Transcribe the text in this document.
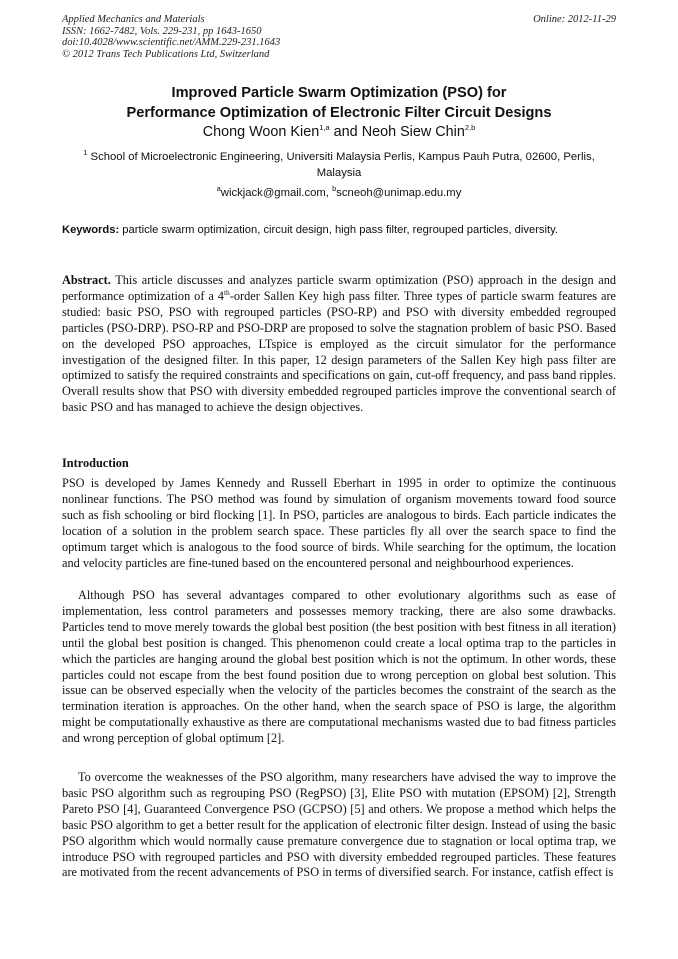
Applied Mechanics and Materials
ISSN: 1662-7482, Vols. 229-231, pp 1643-1650
doi:10.4028/www.scientific.net/AMM.229-231.1643
© 2012 Trans Tech Publications Ltd, Switzerland
Online: 2012-11-29
Improved Particle Swarm Optimization (PSO) for
Performance Optimization of Electronic Filter Circuit Designs
Chong Woon Kien$^{1,a}$ and Neoh Siew Chin$^{2,b}$
$^1$ School of Microelectronic Engineering, Universiti Malaysia Perlis, Kampus Pauh Putra, 02600, Perlis, Malaysia
$^a$wickjack@gmail.com, $^b$scneoh@unimap.edu.my
Keywords: particle swarm optimization, circuit design, high pass filter, regrouped particles, diversity.

Abstract. This article discusses and analyzes particle swarm optimization (PSO) approach in the design and performance optimization of a 4th-order Sallen Key high pass filter. Three types of particle swarm features are studied: basic PSO, PSO with regrouped particles (PSO-RP) and PSO with diversity embedded regrouped particles (PSO-DRP). PSO-RP and PSO-DRP are proposed to solve the stagnation problem of basic PSO. Based on the developed PSO approaches, LTspice is employed as the circuit simulator for the performance investigation of the designed filter. In this paper, 12 design parameters of the Sallen Key high pass filter are optimized to satisfy the required constraints and specifications on gain, cut-off frequency, and pass band ripples. Overall results show that PSO with diversity embedded regrouped particles improve the conventional search of basic PSO and has managed to achieve the design objectives.

Introduction

PSO is developed by James Kennedy and Russell Eberhart in 1995 in order to optimize the continuous nonlinear functions. The PSO method was found by simulation of organism movements toward food source such as fish schooling or bird flocking [1]. In PSO, particles are analogous to birds. Each particle indicates the location of a solution in the problem search space. These particles fly all over the search space to find the optimum target which is analogous to the food source of birds. While searching for the optimum, the location and velocity particles are fine-tuned based on the encountered personal and neighbourhood experiences.

Although PSO has several advantages compared to other evolutionary algorithms such as ease of implementation, less control parameters and possesses memory tracking, there are also some drawbacks. Particles tend to move merely towards the global best position (the best position with best fitness in all iteration) until the global best position is changed. This phenomenon could create a local optima trap to the particles in which the particles are hanging around the global best position which is not the optimum. In other words, these particles could not escape from the best found position due to wrong perception on global best solution. This issue can be observed especially when the velocity of the particles becomes the constraint of the search as the termination iteration is approaches. On the other hand, when the search space of PSO is large, the algorithm might be computationally exhaustive as there are computational mechanisms wasted due to bad fitness particles and wrong perception of global optimum [2].

To overcome the weaknesses of the PSO algorithm, many researchers have advised the way to improve the basic PSO algorithm such as regrouping PSO (RegPSO) [3], Elite PSO with mutation (EPSOM) [2], Strength Pareto PSO [4], Guaranteed Convergence PSO (GCPSO) [5] and others. We propose a method which helps the basic PSO algorithm to get a better result for the application of electronic filter design. Instead of using the basic PSO algorithm which would normally cause premature convergence due to stagnation or local optima trap, we introduce PSO with regrouped particles and PSO with diversity embedded regrouped particles. These features are motivated from the recent advancements of PSO in terms of diversified search. For instance, catfish effect is
